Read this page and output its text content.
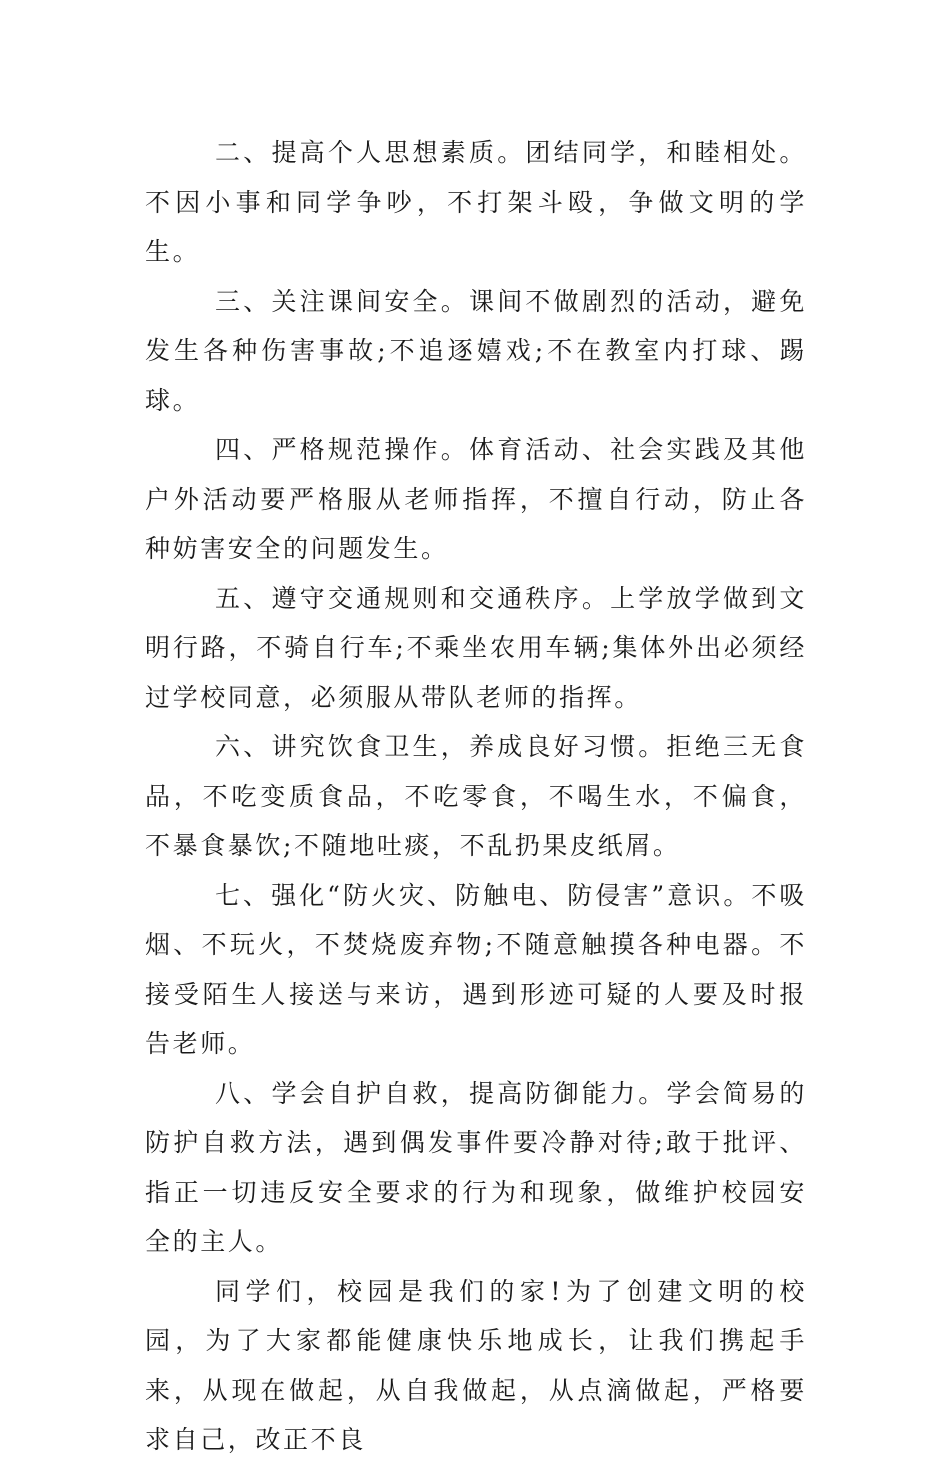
二、提高个人思想素质。团结同学，和睦相处。不因小事和同学争吵，不打架斗殴，争做文明的学生。

三、关注课间安全。课间不做剧烈的活动，避免发生各种伤害事故;不追逐嬉戏;不在教室内打球、踢球。

四、严格规范操作。体育活动、社会实践及其他户外活动要严格服从老师指挥，不擅自行动，防止各种妨害安全的问题发生。

五、遵守交通规则和交通秩序。上学放学做到文明行路，不骑自行车;不乘坐农用车辆;集体外出必须经过学校同意，必须服从带队老师的指挥。

六、讲究饮食卫生，养成良好习惯。拒绝三无食品，不吃变质食品，不吃零食，不喝生水，不偏食，不暴食暴饮;不随地吐痰，不乱扔果皮纸屑。

七、强化“防火灾、防触电、防侵害”意识。不吸烟、不玩火，不焚烧废弃物;不随意触摸各种电器。不接受陌生人接送与来访，遇到形迹可疑的人要及时报告老师。

八、学会自护自救，提高防御能力。学会简易的防护自救方法，遇到偶发事件要冷静对待;敢于批评、指正一切违反安全要求的行为和现象，做维护校园安全的主人。

同学们，校园是我们的家!为了创建文明的校园，为了大家都能健康快乐地成长，让我们携起手来，从现在做起，从自我做起，从点滴做起，严格要求自己，改正不良
